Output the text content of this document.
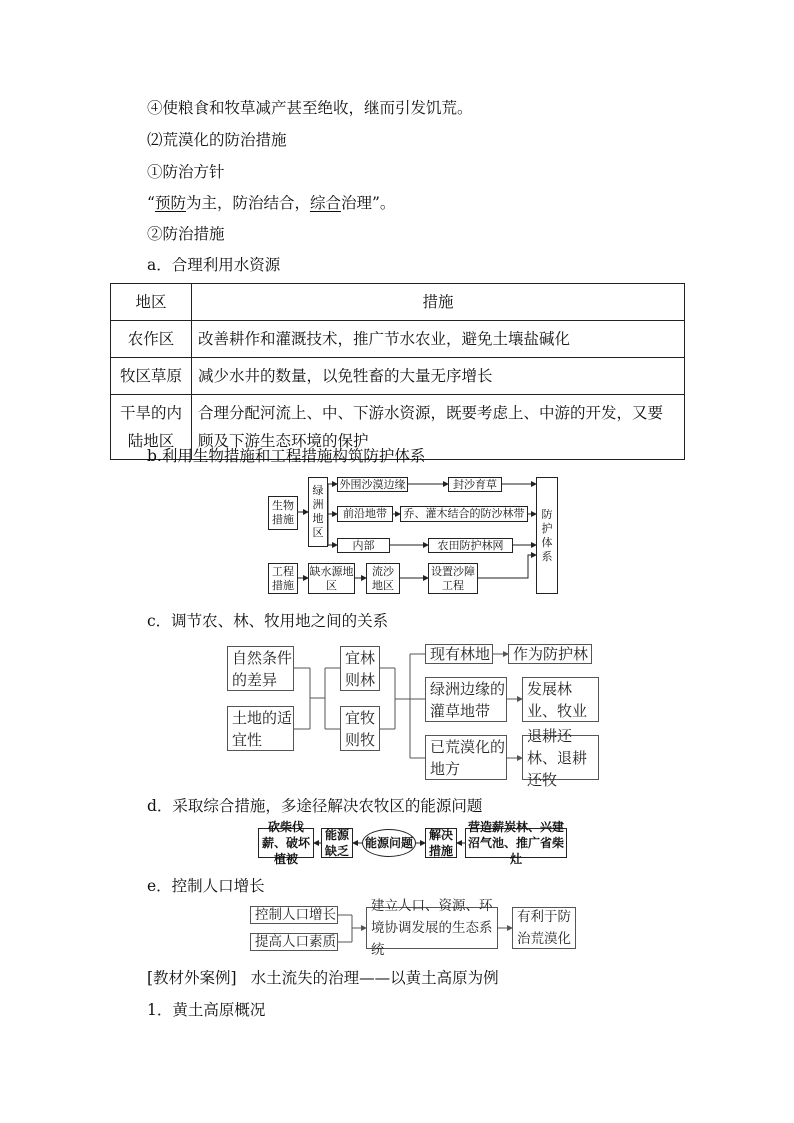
④使粮食和牧草减产甚至绝收，继而引发饥荒。
⑵荒漠化的防治措施
①防治方针
“预防为主，防治结合，综合治理”。
②防治措施
a．合理利用水资源
地区	措施
农作区	改善耕作和灌溉技术，推广节水农业，避免土壤盐碱化
牧区草原	减少水井的数量，以免牲畜的大量无序增长
干旱的内陆地区	合理分配河流上、中、下游水资源，既要考虑上、中游的开发，又要顾及下游生态环境的保护
b.利用生物措施和工程措施构筑防护体系
生物措施
绿洲地区
外围沙漠边缘	封沙育草
前沿地带	乔、灌木结合的防沙林带
内部	农田防护林网
工程措施
缺水源地区
流沙地区
设置沙障工程
防护体系
c．调节农、林、牧用地之间的关系
自然条件的差异
土地的适宜性
宜林则林
宜牧则牧
现有林地	作为防护林
绿洲边缘的灌草地带
发展林业、牧业
已荒漠化的地方
退耕还林、退耕还牧
d．采取综合措施，多途径解决农牧区的能源问题
砍柴伐薪、破坏植被
能源缺乏
能源问题
解决措施
营造薪炭林、兴建沼气池、推广省柴灶
e．控制人口增长
控制人口增长
提高人口素质
建立人口、资源、环境协调发展的生态系统
有利于防治荒漠化
[教材外案例] 水土流失的治理——以黄土高原为例
1．黄土高原概况
